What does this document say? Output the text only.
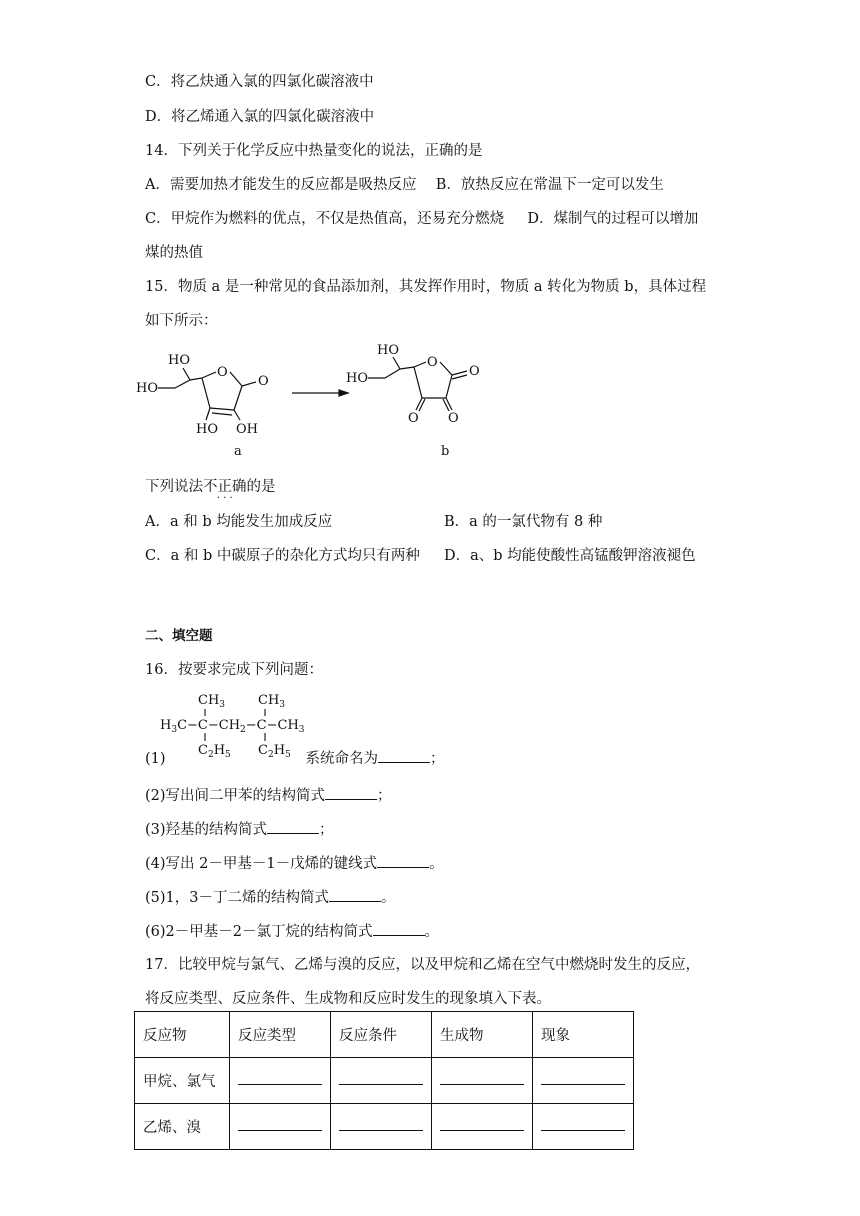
C．将乙炔通入氯的四氯化碳溶液中
D．将乙烯通入氯的四氯化碳溶液中
14．下列关于化学反应中热量变化的说法，正确的是
A．需要加热才能发生的反应都是吸热反应 B．放热反应在常温下一定可以发生
C．甲烷作为燃料的优点，不仅是热值高，还易充分燃烧 D．煤制气的过程可以增加
煤的热值
15．物质 a 是一种常见的食品添加剂，其发挥作用时，物质 a 转化为物质 b，具体过程
如下所示：
HO
HO
O
O
HO OH
a
HO
HO
O
O
O O
b
下列说法不正确
· · ·
的是
A．a 和 b 均能发生加成反应	B．a 的一氯代物有 8 种
C．a 和 b 中碳原子的杂化方式均只有两种 D．a、b 均能使酸性高锰酸钾溶液褪色
二、填空题
16．按要求完成下列问题：
$CH_3$	$CH_3$
$H_3C-C-CH_2-C-CH_3$
$C_2H_5$ $C_2H_5$
(1)	系统命名为	；
(2)写出间二甲苯的结构简式	；
(3)羟基的结构简式	；
(4)写出 2－甲基－1－戊烯的键线式	。
(5)1，3－丁二烯的结构简式	。
(6)2－甲基－2－氯丁烷的结构简式	。
17．比较甲烷与氯气、乙烯与溴的反应，以及甲烷和乙烯在空气中燃烧时发生的反应，
将反应类型、反应条件、生成物和反应时发生的现象填入下表。
反应物	反应类型	反应条件	生成物	现象
甲烷、氯气				
乙烯、溴				
